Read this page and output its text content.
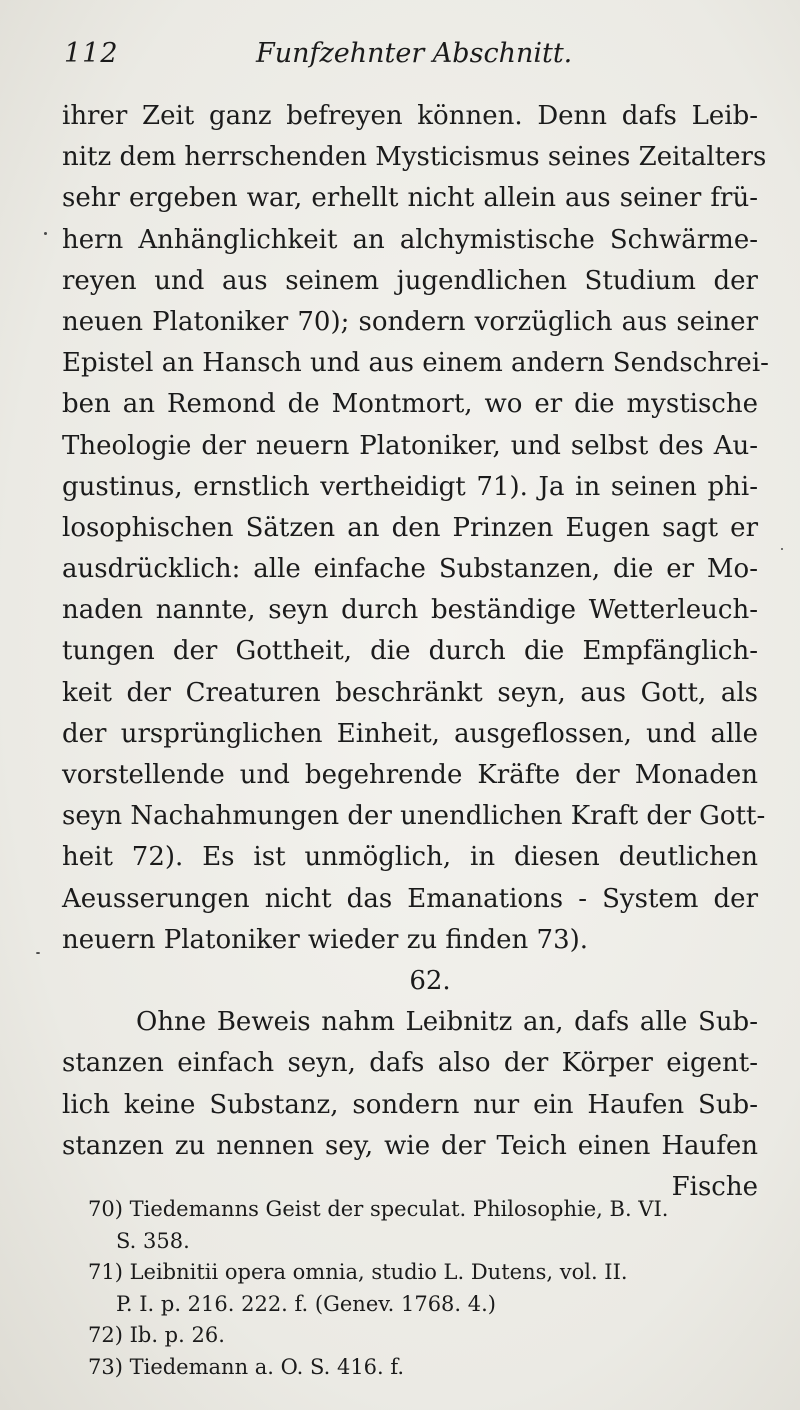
112	Funfzehnter Abschnitt.
ihrer Zeit ganz befreyen können. Denn dafs Leib-
nitz dem herrschenden Mysticismus seines Zeitalters
sehr ergeben war, erhellt nicht allein aus seiner frü-
hern Anhänglichkeit an alchymistische Schwärme-
reyen und aus seinem jugendlichen Studium der
neuen Platoniker 70); sondern vorzüglich aus seiner
Epistel an Hansch und aus einem andern Sendschrei-
ben an Remond de Montmort, wo er die mystische
Theologie der neuern Platoniker, und selbst des Au-
gustinus, ernstlich vertheidigt 71). Ja in seinen phi-
losophischen Sätzen an den Prinzen Eugen sagt er
ausdrücklich: alle einfache Substanzen, die er Mo-
naden nannte, seyn durch beständige Wetterleuch-
tungen der Gottheit, die durch die Empfänglich-
keit der Creaturen beschränkt seyn, aus Gott, als
der ursprünglichen Einheit, ausgeflossen, und alle
vorstellende und begehrende Kräfte der Monaden
seyn Nachahmungen der unendlichen Kraft der Gott-
heit 72). Es ist unmöglich, in diesen deutlichen
Aeusserungen nicht das Emanations - System der
neuern Platoniker wieder zu finden 73).
62.
Ohne Beweis nahm Leibnitz an, dafs alle Sub-
stanzen einfach seyn, dafs also der Körper eigent-
lich keine Substanz, sondern nur ein Haufen Sub-
stanzen zu nennen sey, wie der Teich einen Haufen
Fische
70) Tiedemanns Geist der speculat. Philosophie, B. VI.
S. 358.
71) Leibnitii opera omnia, studio L. Dutens, vol. II.
P. I. p. 216. 222. f. (Genev. 1768. 4.)
72) Ib. p. 26.
73) Tiedemann a. O. S. 416. f.
